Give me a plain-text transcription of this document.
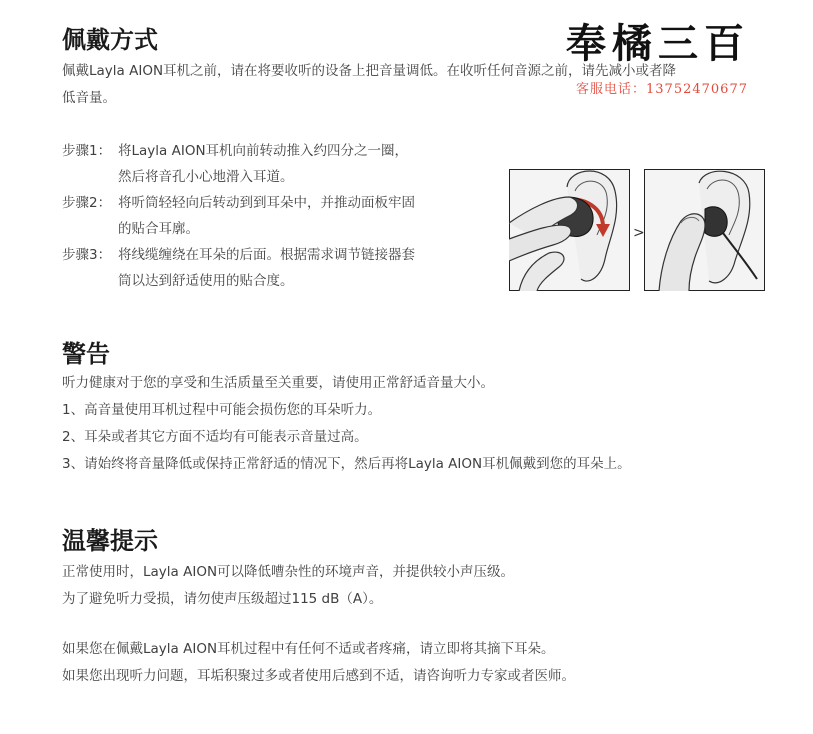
奉橘三百
客服电话：13752470677
佩戴方式
佩戴Layla AION耳机之前，请在将要收听的设备上把音量调低。在收听任何音源之前，请先减小或者降
低音量。
步骤1： 将Layla AION耳机向前转动推入约四分之一圈，
然后将音孔小心地滑入耳道。
步骤2： 将听筒轻轻向后转动到到耳朵中，并推动面板牢固
的贴合耳廓。
步骤3： 将线缆缠绕在耳朵的后面。根据需求调节链接器套
筒以达到舒适使用的贴合度。
>
警告
听力健康对于您的享受和生活质量至关重要，请使用正常舒适音量大小。
1、高音量使用耳机过程中可能会损伤您的耳朵听力。
2、耳朵或者其它方面不适均有可能表示音量过高。
3、请始终将音量降低或保持正常舒适的情况下，然后再将Layla AION耳机佩戴到您的耳朵上。
温馨提示
正常使用时，Layla AION可以降低嘈杂性的环境声音，并提供较小声压级。
为了避免听力受损，请勿使声压级超过115 dB（A）。
如果您在佩戴Layla AION耳机过程中有任何不适或者疼痛，请立即将其摘下耳朵。
如果您出现听力问题，耳垢积聚过多或者使用后感到不适，请咨询听力专家或者医师。
